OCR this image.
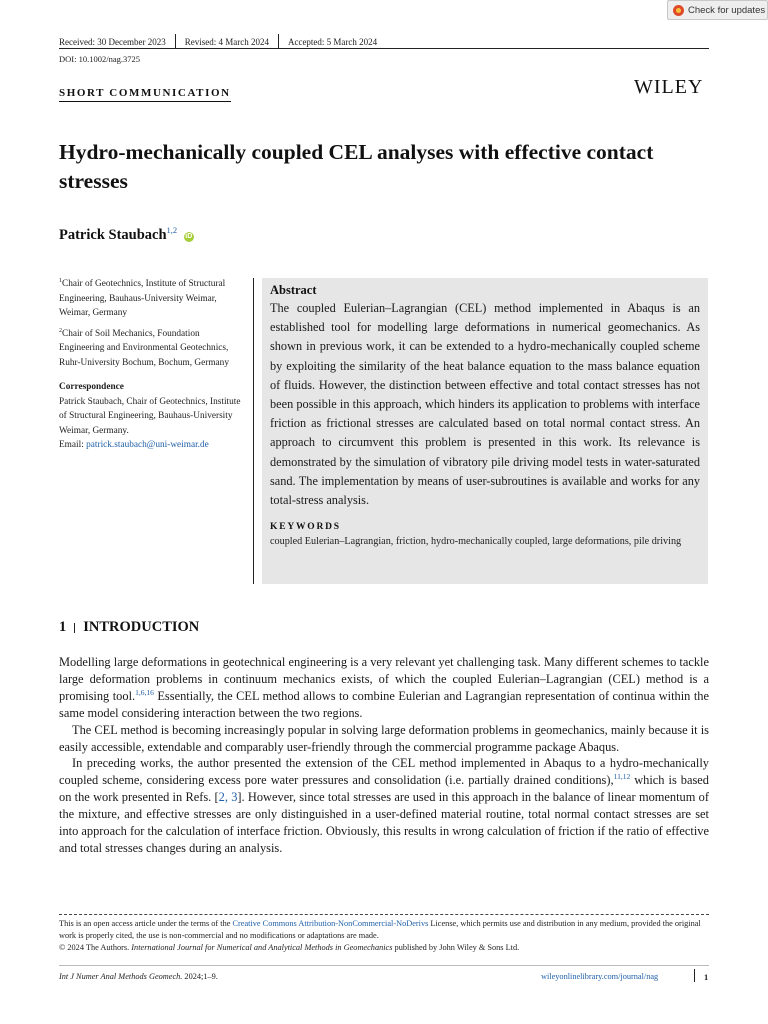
Check for updates
Received: 30 December 2023 Revised: 4 March 2024 Accepted: 5 March 2024
DOI: 10.1002/nag.3725
SHORT COMMUNICATION	WILEY
Hydro-mechanically coupled CEL analyses with effective contact stresses
Patrick Staubach$^{1,2}$ iD
$^1$Chair of Geotechnics, Institute of Structural Engineering, Bauhaus-University Weimar, Weimar, Germany
$^2$Chair of Soil Mechanics, Foundation Engineering and Environmental Geotechnics, Ruhr-University Bochum, Bochum, Germany
Correspondence
Patrick Staubach, Chair of Geotechnics, Institute of Structural Engineering, Bauhaus-University Weimar, Germany.
Email: patrick.staubach@uni-weimar.de
Abstract
The coupled Eulerian–Lagrangian (CEL) method implemented in Abaqus is an established tool for modelling large deformations in numerical geomechanics. As shown in previous work, it can be extended to a hydro-mechanically coupled scheme by exploiting the similarity of the heat balance equation to the mass balance equation of fluids. However, the distinction between effective and total contact stresses has not been possible in this approach, which hinders its application to problems with interface friction as frictional stresses are calculated based on total normal contact stress. An approach to circumvent this problem is presented in this work. Its relevance is demonstrated by the simulation of vibratory pile driving model tests in water-saturated sand. The implementation by means of user-subroutines is available and works for any total-stress analysis.
KEYWORDS
coupled Eulerian–Lagrangian, friction, hydro-mechanically coupled, large deformations, pile driving
1 INTRODUCTION

Modelling large deformations in geotechnical engineering is a very relevant yet challenging task. Many different schemes to tackle large deformation problems in continuum mechanics exists, of which the coupled Eulerian–Lagrangian (CEL) method is a promising tool.$^{1,6,16}$ Essentially, the CEL method allows to combine Eulerian and Lagrangian representation of continua within the same model considering interaction between the two regions.

The CEL method is becoming increasingly popular in solving large deformation problems in geomechanics, mainly because it is easily accessible, extendable and comparably user-friendly through the commercial programme package Abaqus.

In preceding works, the author presented the extension of the CEL method implemented in Abaqus to a hydro-mechanically coupled scheme, considering excess pore water pressures and consolidation (i.e. partially drained conditions),$^{11,12}$ which is based on the work presented in Refs. [2, 3]. However, since total stresses are used in this approach in the balance of linear momentum of the mixture, and effective stresses are only distinguished in a user-defined material routine, total normal contact stresses are set into approach for the calculation of interface friction. Obviously, this results in wrong calculation of friction if the ratio of effective and total stresses changes during an analysis.

This is an open access article under the terms of the Creative Commons Attribution-NonCommercial-NoDerivs License, which permits use and distribution in any medium, provided the original work is properly cited, the use is non-commercial and no modifications or adaptations are made.
© 2024 The Authors. International Journal for Numerical and Analytical Methods in Geomechanics published by John Wiley & Sons Ltd.
Int J Numer Anal Methods Geomech. 2024;1–9.	wileyonlinelibrary.com/journal/nag	1
